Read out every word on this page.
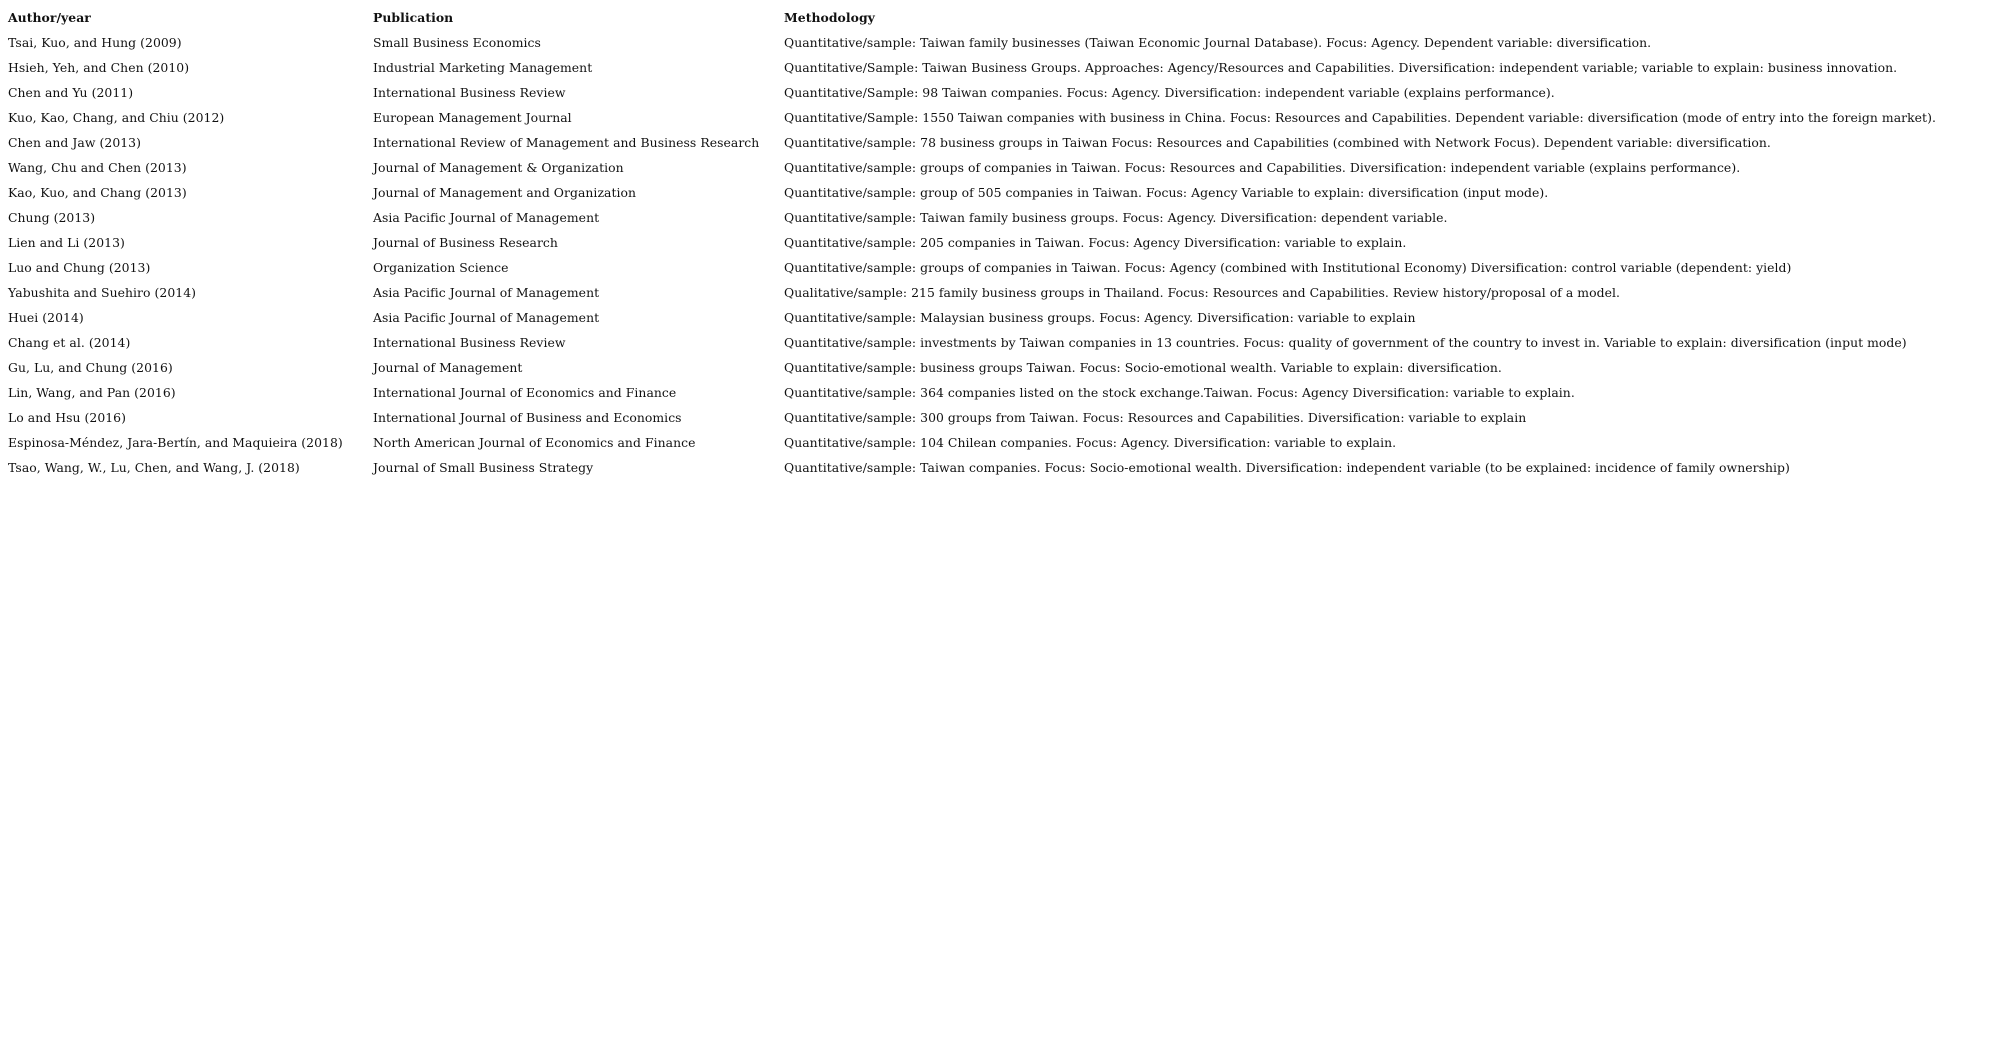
Author/year	Publication	Methodology
Tsai, Kuo, and Hung (2009)	Small Business Economics	Quantitative/sample: Taiwan family businesses (Taiwan Economic Journal Database). Focus: Agency. Dependent variable: diversification.
Hsieh, Yeh, and Chen (2010)	Industrial Marketing Management	Quantitative/Sample: Taiwan Business Groups. Approaches: Agency/Resources and Capabilities. Diversification: independent variable; variable to explain: business innovation.
Chen and Yu (2011)	International Business Review	Quantitative/Sample: 98 Taiwan companies. Focus: Agency. Diversification: independent variable (explains performance).
Kuo, Kao, Chang, and Chiu (2012)	European Management Journal	Quantitative/Sample: 1550 Taiwan companies with business in China. Focus: Resources and Capabilities. Dependent variable: diversification (mode of entry into the foreign market).
Chen and Jaw (2013)	International Review of Management and Business Research	Quantitative/sample: 78 business groups in Taiwan Focus: Resources and Capabilities (combined with Network Focus). Dependent variable: diversification.
Wang, Chu and Chen (2013)	Journal of Management & Organization	Quantitative/sample: groups of companies in Taiwan. Focus: Resources and Capabilities. Diversification: independent variable (explains performance).
Kao, Kuo, and Chang (2013)	Journal of Management and Organization	Quantitative/sample: group of 505 companies in Taiwan. Focus: Agency Variable to explain: diversification (input mode).
Chung (2013)	Asia Pacific Journal of Management	Quantitative/sample: Taiwan family business groups. Focus: Agency. Diversification: dependent variable.
Lien and Li (2013)	Journal of Business Research	Quantitative/sample: 205 companies in Taiwan. Focus: Agency Diversification: variable to explain.
Luo and Chung (2013)	Organization Science	Quantitative/sample: groups of companies in Taiwan. Focus: Agency (combined with Institutional Economy) Diversification: control variable (dependent: yield)
Yabushita and Suehiro (2014)	Asia Pacific Journal of Management	Qualitative/sample: 215 family business groups in Thailand. Focus: Resources and Capabilities. Review history/proposal of a model.
Huei (2014)	Asia Pacific Journal of Management	Quantitative/sample: Malaysian business groups. Focus: Agency. Diversification: variable to explain
Chang et al. (2014)	International Business Review	Quantitative/sample: investments by Taiwan companies in 13 countries. Focus: quality of government of the country to invest in. Variable to explain: diversification (input mode)
Gu, Lu, and Chung (2016)	Journal of Management	Quantitative/sample: business groups Taiwan. Focus: Socio-emotional wealth. Variable to explain: diversification.
Lin, Wang, and Pan (2016)	International Journal of Economics and Finance	Quantitative/sample: 364 companies listed on the stock exchange.Taiwan. Focus: Agency Diversification: variable to explain.
Lo and Hsu (2016)	International Journal of Business and Economics	Quantitative/sample: 300 groups from Taiwan. Focus: Resources and Capabilities. Diversification: variable to explain
Espinosa-Méndez, Jara-Bertín, and Maquieira (2018)	North American Journal of Economics and Finance	Quantitative/sample: 104 Chilean companies. Focus: Agency. Diversification: variable to explain.
Tsao, Wang, W., Lu, Chen, and Wang, J. (2018)	Journal of Small Business Strategy	Quantitative/sample: Taiwan companies. Focus: Socio-emotional wealth. Diversification: independent variable (to be explained: incidence of family ownership)
